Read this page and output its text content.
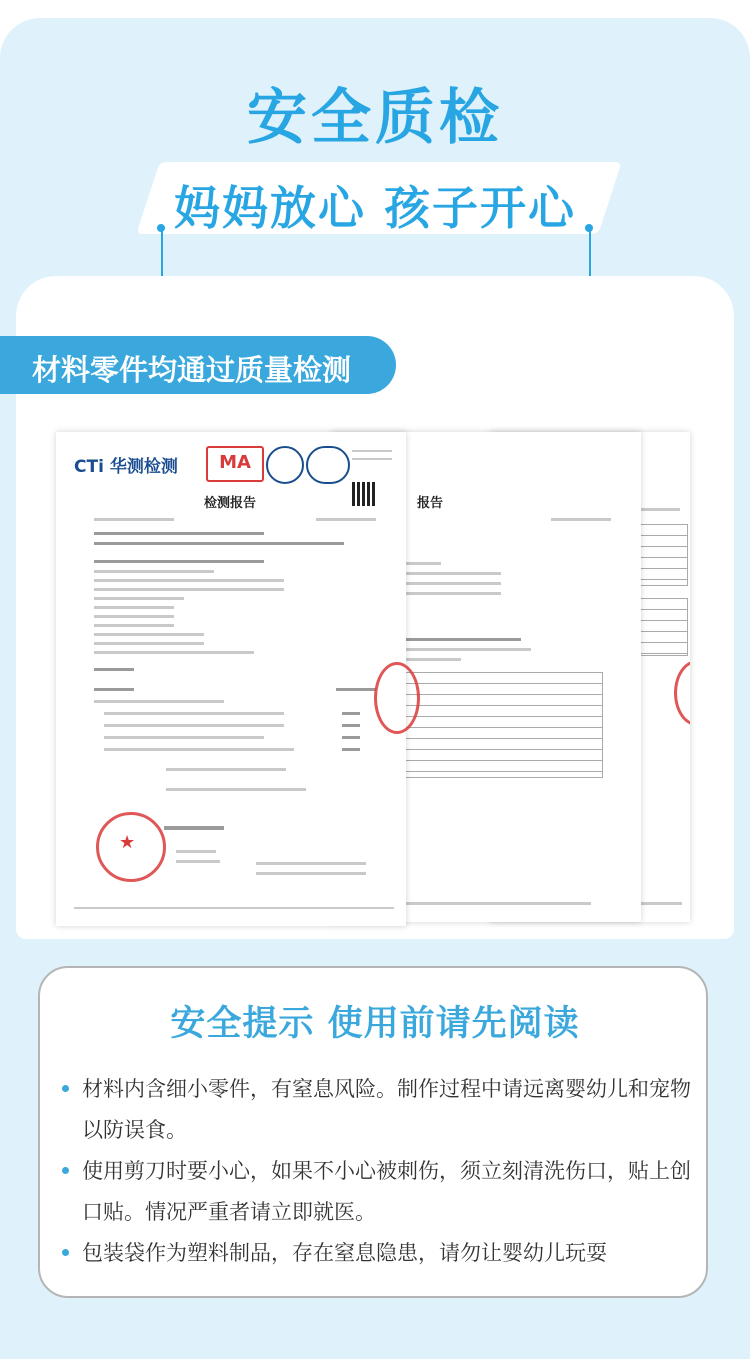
安全质检
妈妈放心 孩子开心
材料零件均通过质量检测
报告
CTi 华测检测	MA
检测报告
★
安全提示 使用前请先阅读
材料内含细小零件，有窒息风险。制作过程中请远离婴幼儿和宠物以防误食。
使用剪刀时要小心，如果不小心被刺伤，须立刻清洗伤口，贴上创口贴。情况严重者请立即就医。
包装袋作为塑料制品，存在窒息隐患，请勿让婴幼儿玩耍
